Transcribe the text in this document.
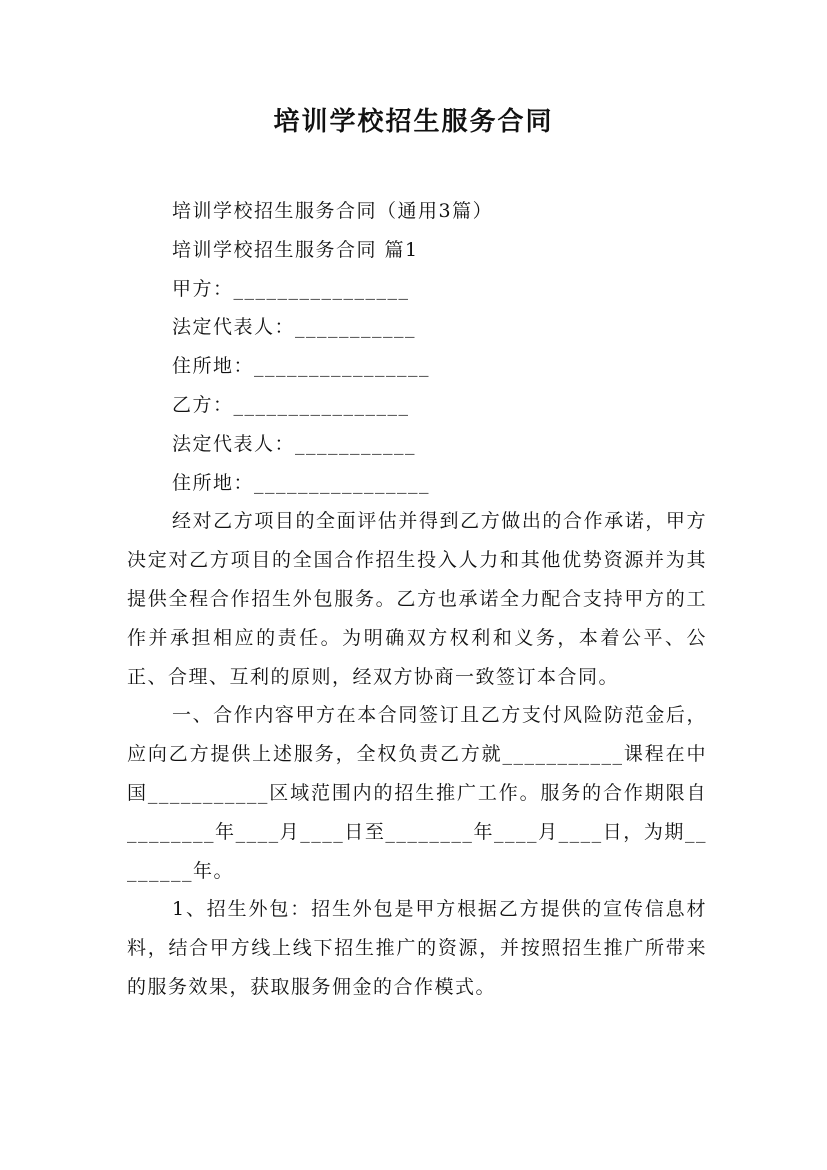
培训学校招生服务合同

培训学校招生服务合同（通用3篇）

培训学校招生服务合同 篇1

甲方：________________

法定代表人：___________

住所地：________________

乙方：________________

法定代表人：___________

住所地：________________

经对乙方项目的全面评估并得到乙方做出的合作承诺，甲方决定对乙方项目的全国合作招生投入人力和其他优势资源并为其提供全程合作招生外包服务。乙方也承诺全力配合支持甲方的工作并承担相应的责任。为明确双方权利和义务，本着公平、公正、合理、互利的原则，经双方协商一致签订本合同。

一、合作内容甲方在本合同签订且乙方支付风险防范金后，应向乙方提供上述服务，全权负责乙方就___________课程在中国___________区域范围内的招生推广工作。服务的合作期限自________年____月____日至________年____月____日，为期________年。

1、招生外包：招生外包是甲方根据乙方提供的宣传信息材料，结合甲方线上线下招生推广的资源，并按照招生推广所带来的服务效果，获取服务佣金的合作模式。
